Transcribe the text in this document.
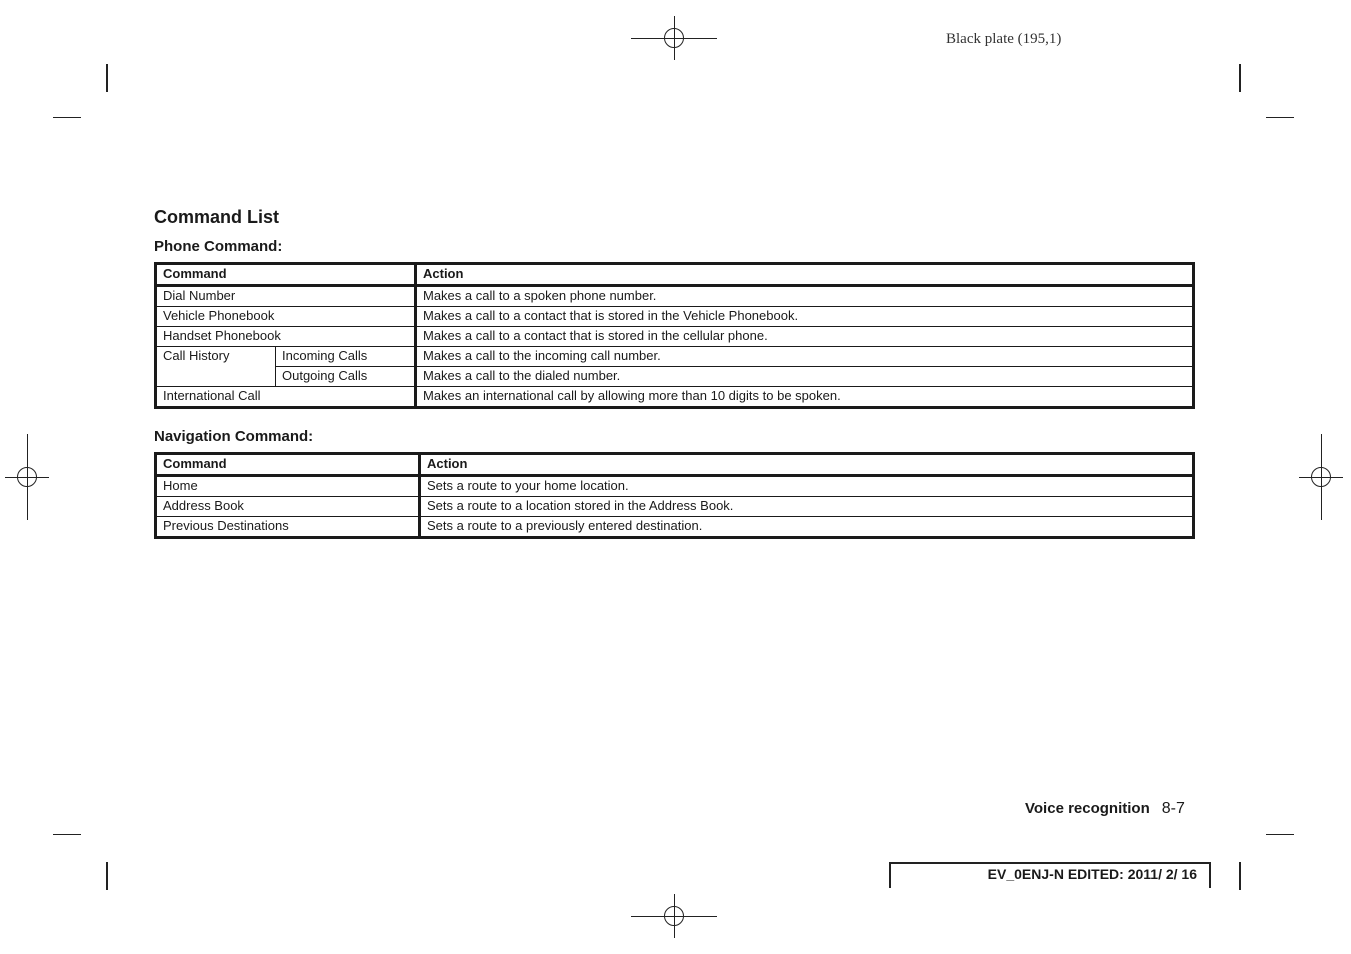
Black plate (195,1)
Command List
Phone Command:
Command		Action
Dial Number		Makes a call to a spoken phone number.
Vehicle Phonebook		Makes a call to a contact that is stored in the Vehicle Phonebook.
Handset Phonebook		Makes a call to a contact that is stored in the cellular phone.
Call History	Incoming Calls	Makes a call to the incoming call number.
	Outgoing Calls	Makes a call to the dialed number.
International Call		Makes an international call by allowing more than 10 digits to be spoken.
Navigation Command:
Command	Action
Home	Sets a route to your home location.
Address Book	Sets a route to a location stored in the Address Book.
Previous Destinations	Sets a route to a previously entered destination.
Voice recognition 8-7
EV_0ENJ-N EDITED: 2011/ 2/ 16
